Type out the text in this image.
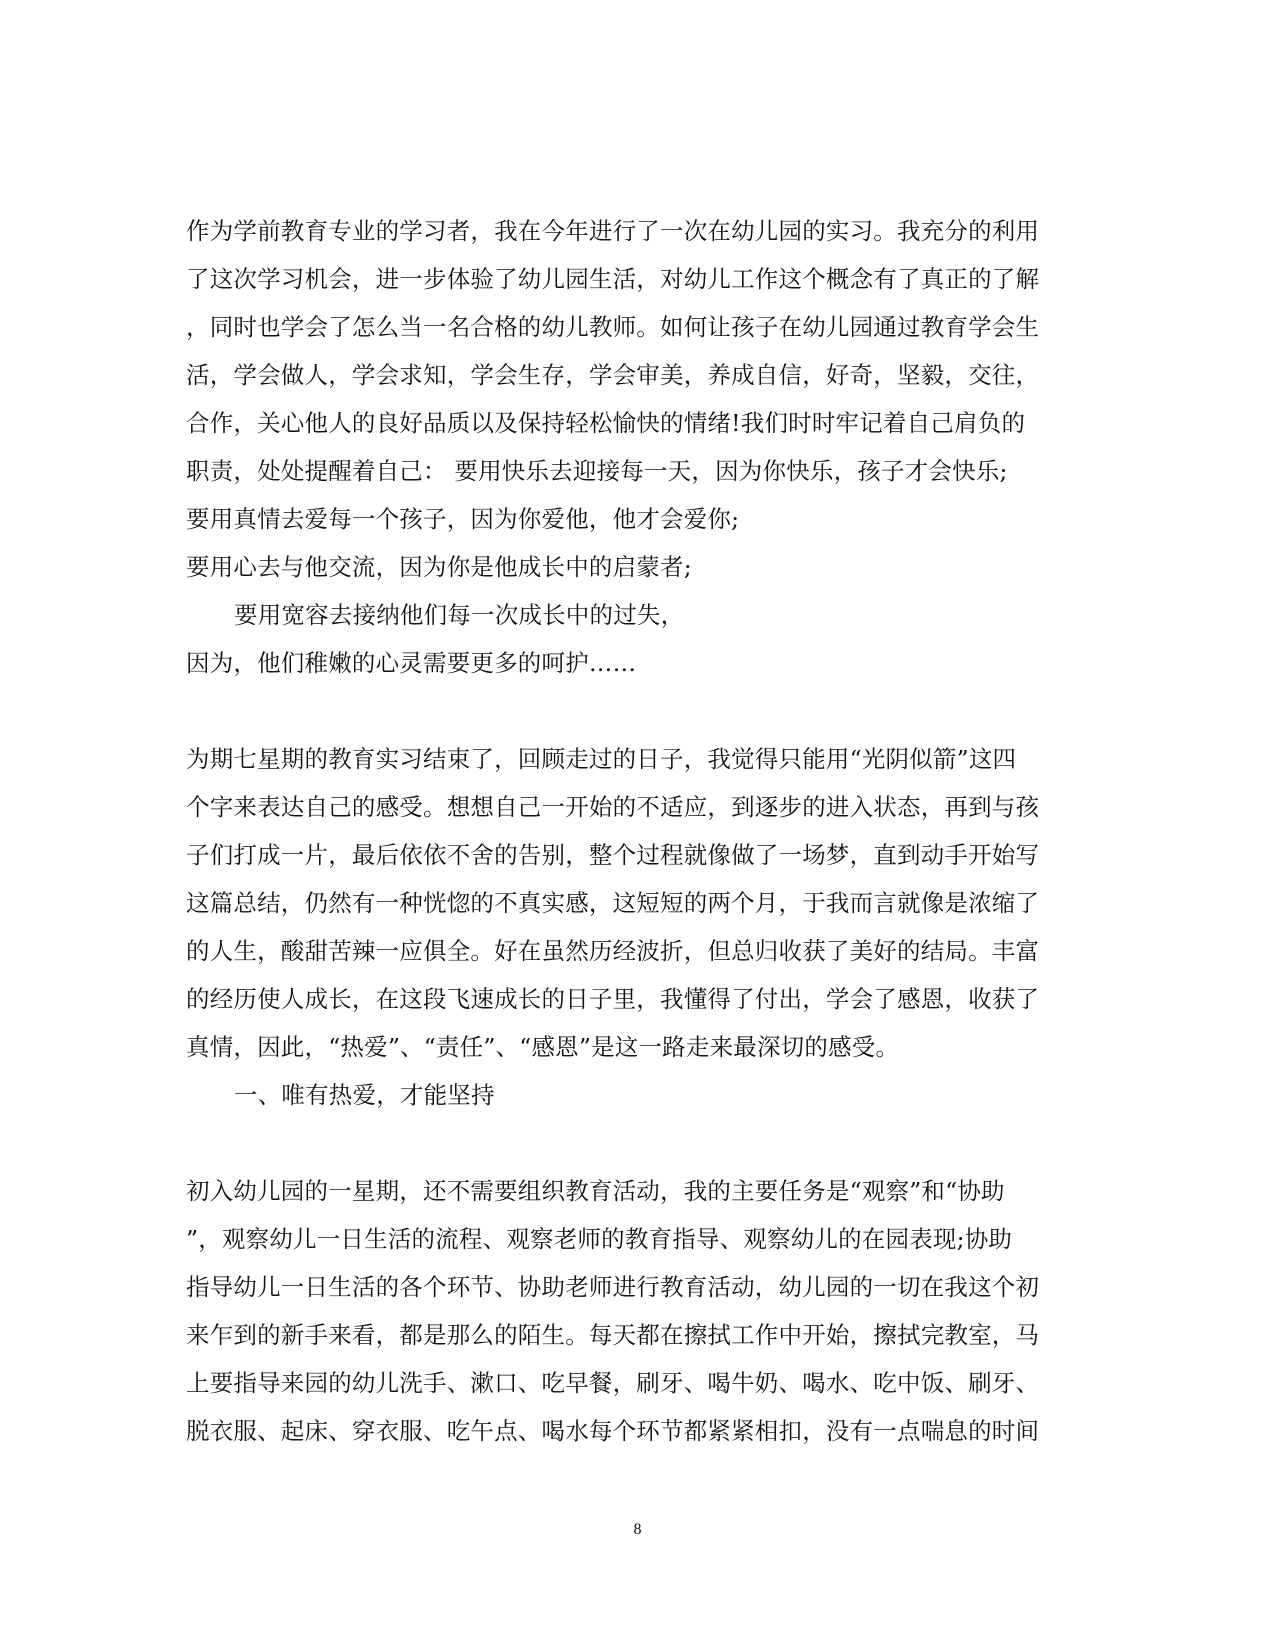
作为学前教育专业的学习者，我在今年进行了一次在幼儿园的实习。我充分的利用
了这次学习机会，进一步体验了幼儿园生活，对幼儿工作这个概念有了真正的了解
，同时也学会了怎么当一名合格的幼儿教师。如何让孩子在幼儿园通过教育学会生
活，学会做人，学会求知，学会生存，学会审美，养成自信，好奇，坚毅，交往，
合作，关心他人的良好品质以及保持轻松愉快的情绪!我们时时牢记着自己肩负的
职责，处处提醒着自己： 要用快乐去迎接每一天，因为你快乐，孩子才会快乐;
要用真情去爱每一个孩子，因为你爱他，他才会爱你;
要用心去与他交流，因为你是他成长中的启蒙者;
要用宽容去接纳他们每一次成长中的过失，
因为，他们稚嫩的心灵需要更多的呵护……
为期七星期的教育实习结束了，回顾走过的日子，我觉得只能用“光阴似箭”这四
个字来表达自己的感受。想想自己一开始的不适应，到逐步的进入状态，再到与孩
子们打成一片，最后依依不舍的告别，整个过程就像做了一场梦，直到动手开始写
这篇总结，仍然有一种恍惚的不真实感，这短短的两个月，于我而言就像是浓缩了
的人生，酸甜苦辣一应俱全。好在虽然历经波折，但总归收获了美好的结局。丰富
的经历使人成长，在这段飞速成长的日子里，我懂得了付出，学会了感恩，收获了
真情，因此，“热爱”、“责任”、“感恩”是这一路走来最深切的感受。
一、唯有热爱，才能坚持
初入幼儿园的一星期，还不需要组织教育活动，我的主要任务是“观察”和“协助
”，观察幼儿一日生活的流程、观察老师的教育指导、观察幼儿的在园表现;协助
指导幼儿一日生活的各个环节、协助老师进行教育活动，幼儿园的一切在我这个初
来乍到的新手来看，都是那么的陌生。每天都在擦拭工作中开始，擦拭完教室，马
上要指导来园的幼儿洗手、漱口、吃早餐，刷牙、喝牛奶、喝水、吃中饭、刷牙、
脱衣服、起床、穿衣服、吃午点、喝水每个环节都紧紧相扣，没有一点喘息的时间
8
